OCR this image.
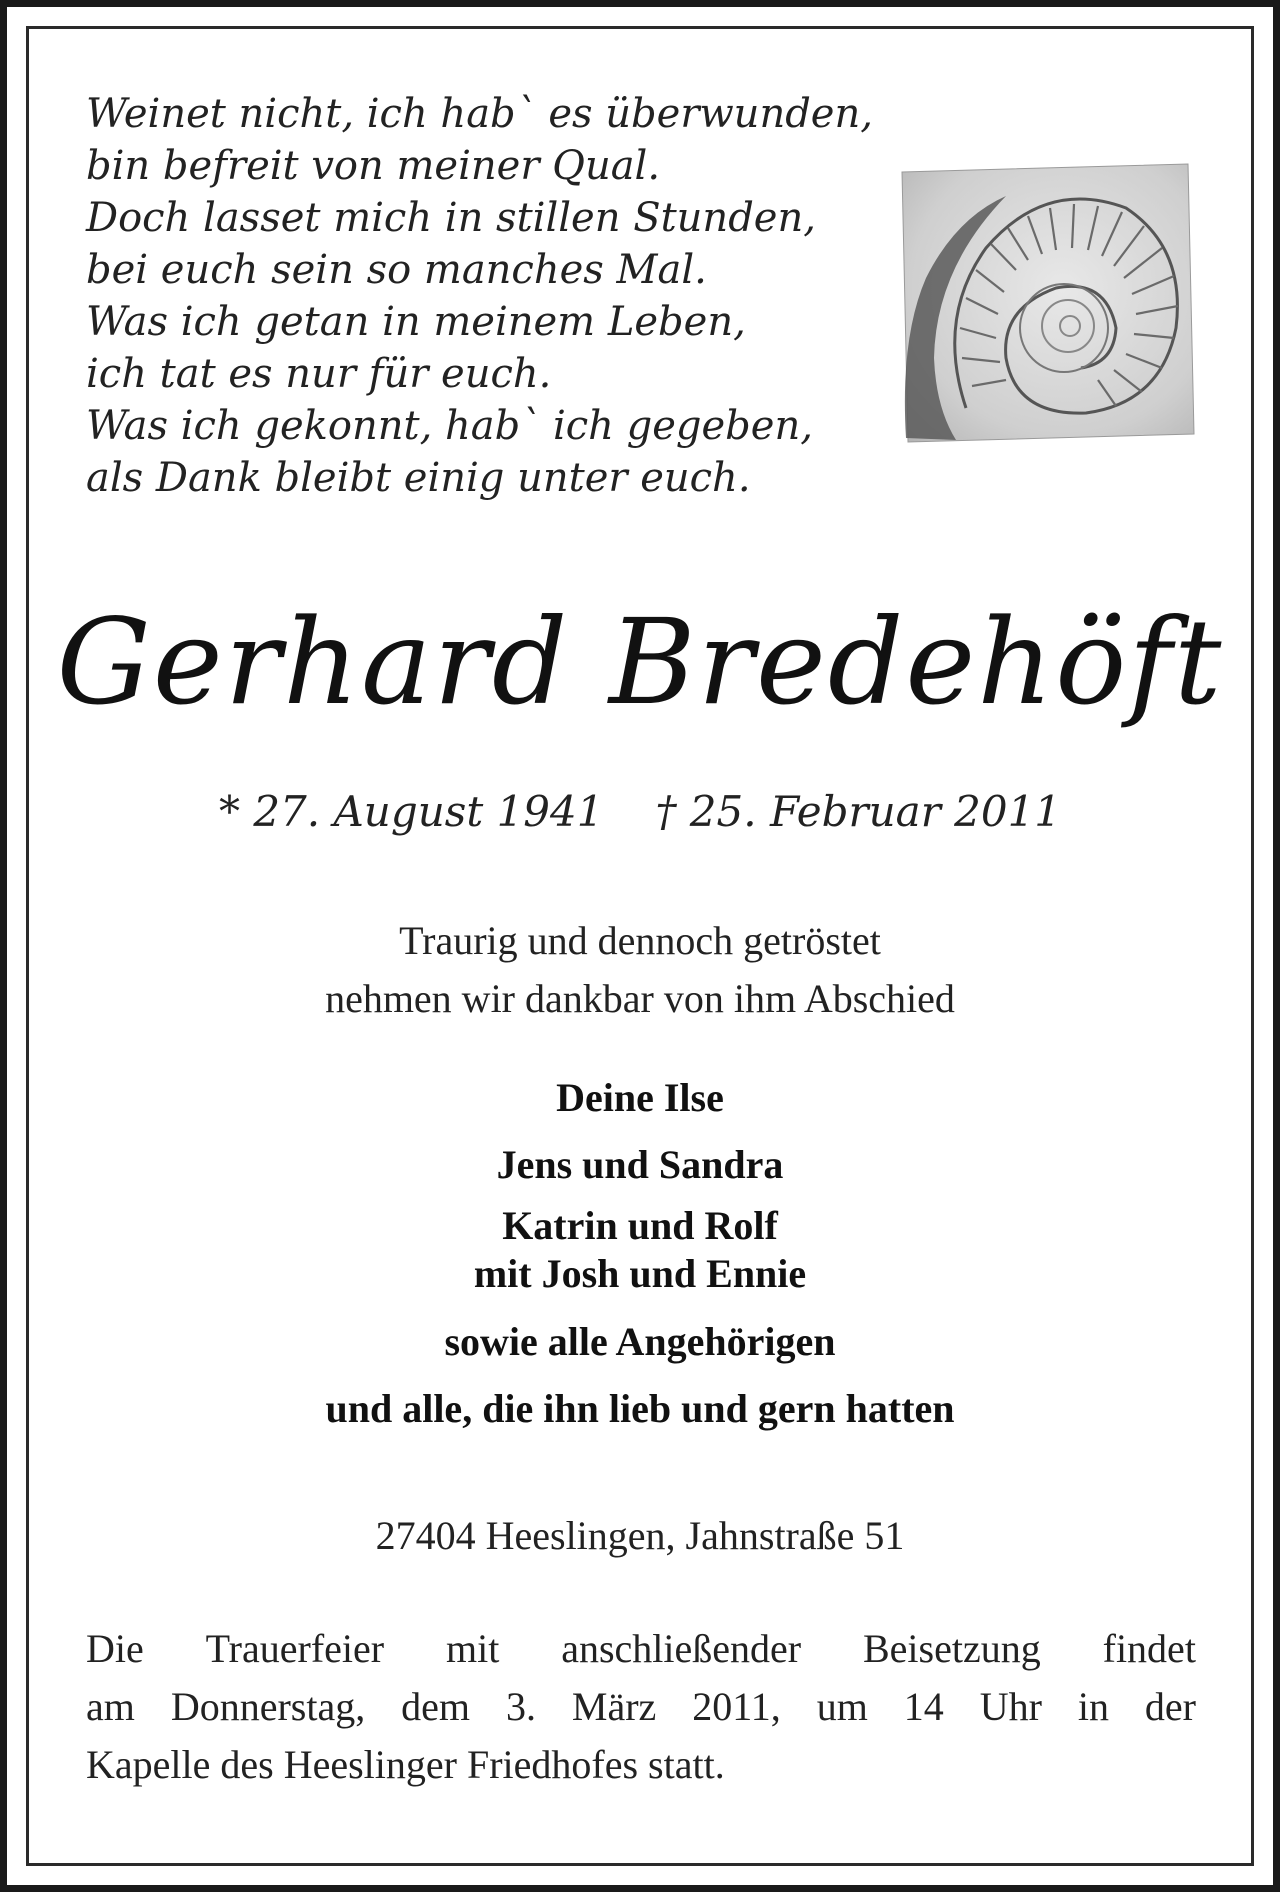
Weinet nicht, ich hab` es überwunden,
bin befreit von meiner Qual.
Doch lasset mich in stillen Stunden,
bei euch sein so manches Mal.
Was ich getan in meinem Leben,
ich tat es nur für euch.
Was ich gekonnt, hab` ich gegeben,
als Dank bleibt einig unter euch.
Gerhard Bredehöft
* 27. August 1941 † 25. Februar 2011
Traurig und dennoch getröstet
nehmen wir dankbar von ihm Abschied
Deine Ilse
Jens und Sandra
Katrin und Rolf
mit Josh und Ennie
sowie alle Angehörigen
und alle, die ihn lieb und gern hatten
27404 Heeslingen, Jahnstraße 51
Die Trauerfeier mit anschließender Beisetzung findet
am Donnerstag, dem 3. März 2011, um 14 Uhr in der
Kapelle des Heeslinger Friedhofes statt.
